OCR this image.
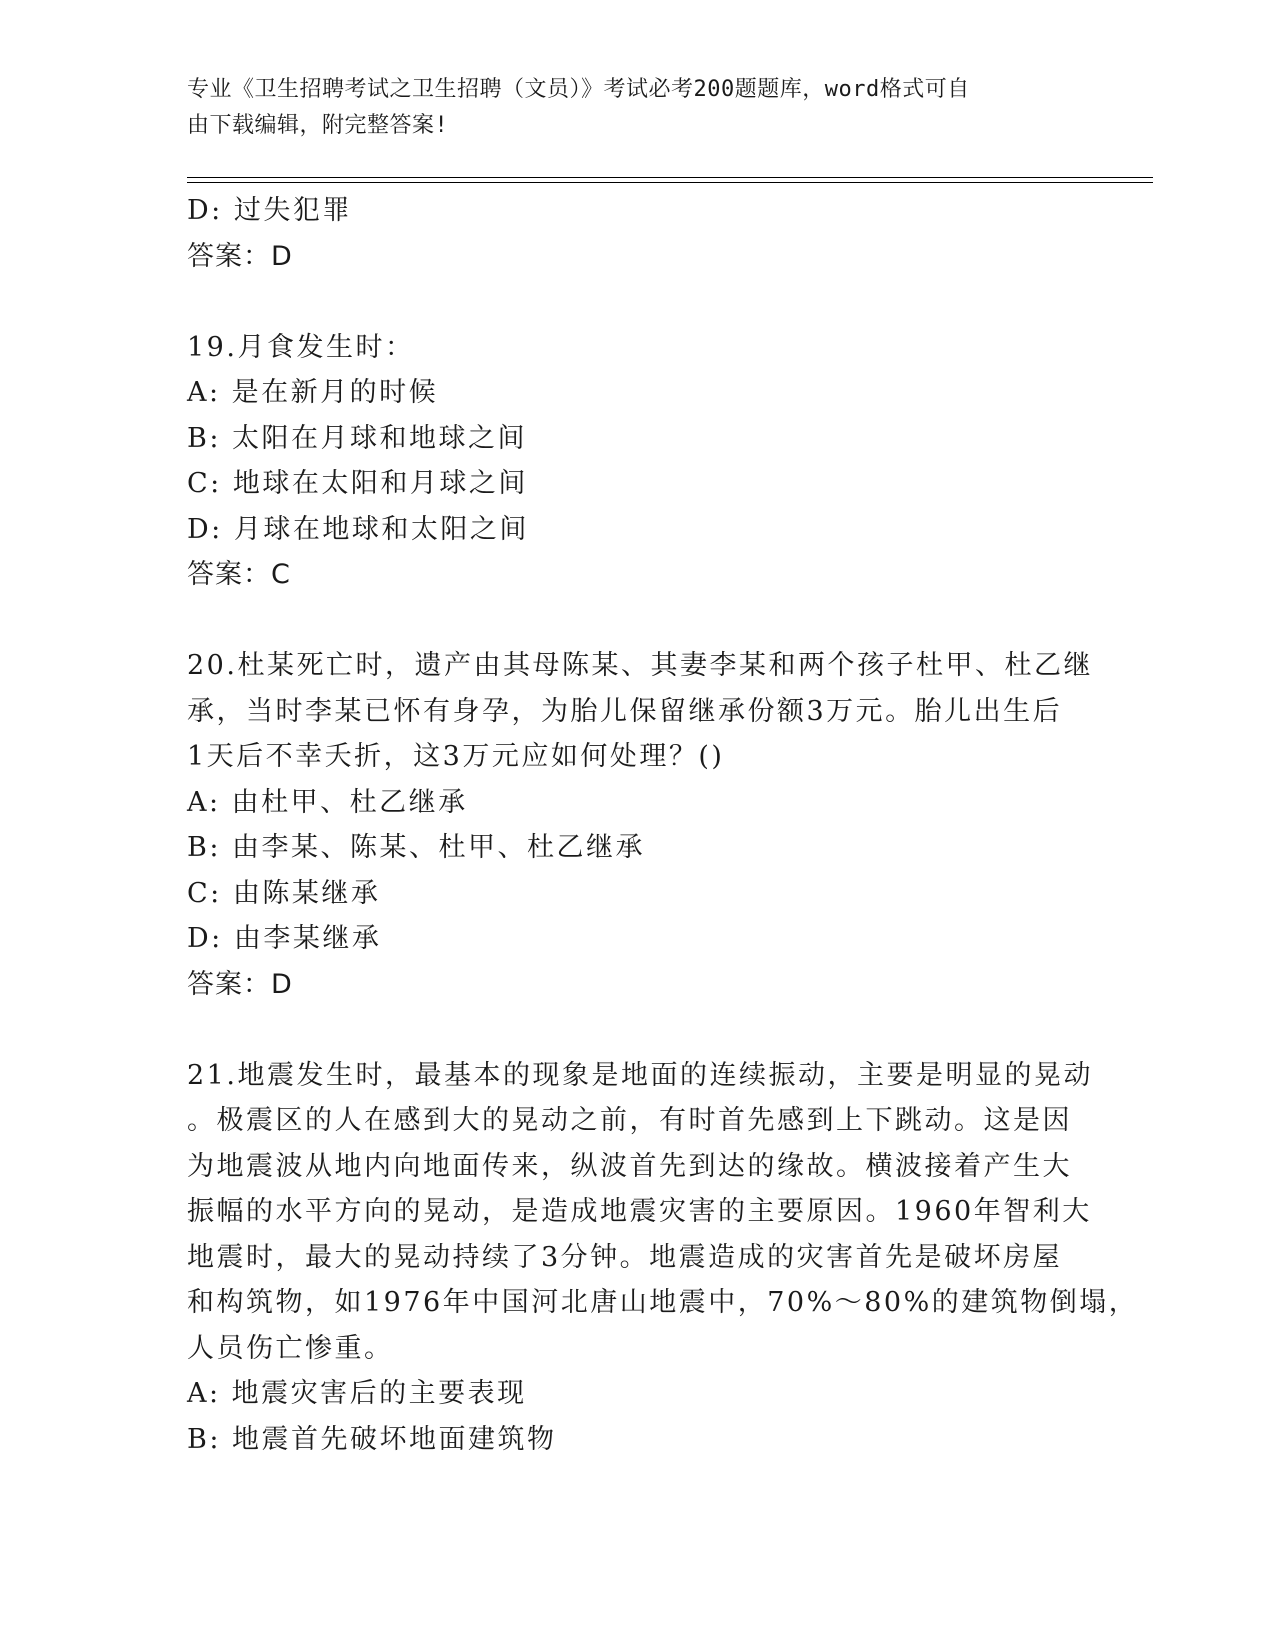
专业《卫生招聘考试之卫生招聘（文员）》考试必考200题题库，word格式可自
由下载编辑，附完整答案!
D: 过失犯罪
答案：D
19.月食发生时：
A: 是在新月的时候
B: 太阳在月球和地球之间
C: 地球在太阳和月球之间
D: 月球在地球和太阳之间
答案：C
20.杜某死亡时，遗产由其母陈某、其妻李某和两个孩子杜甲、杜乙继
承，当时李某已怀有身孕，为胎儿保留继承份额3万元。胎儿出生后
1天后不幸夭折，这3万元应如何处理？()
A: 由杜甲、杜乙继承
B: 由李某、陈某、杜甲、杜乙继承
C: 由陈某继承
D: 由李某继承
答案：D
21.地震发生时，最基本的现象是地面的连续振动，主要是明显的晃动
。极震区的人在感到大的晃动之前，有时首先感到上下跳动。这是因
为地震波从地内向地面传来，纵波首先到达的缘故。横波接着产生大
振幅的水平方向的晃动，是造成地震灾害的主要原因。1960年智利大
地震时，最大的晃动持续了3分钟。地震造成的灾害首先是破坏房屋
和构筑物，如1976年中国河北唐山地震中，70%～80%的建筑物倒塌，
人员伤亡惨重。
A: 地震灾害后的主要表现
B: 地震首先破坏地面建筑物
